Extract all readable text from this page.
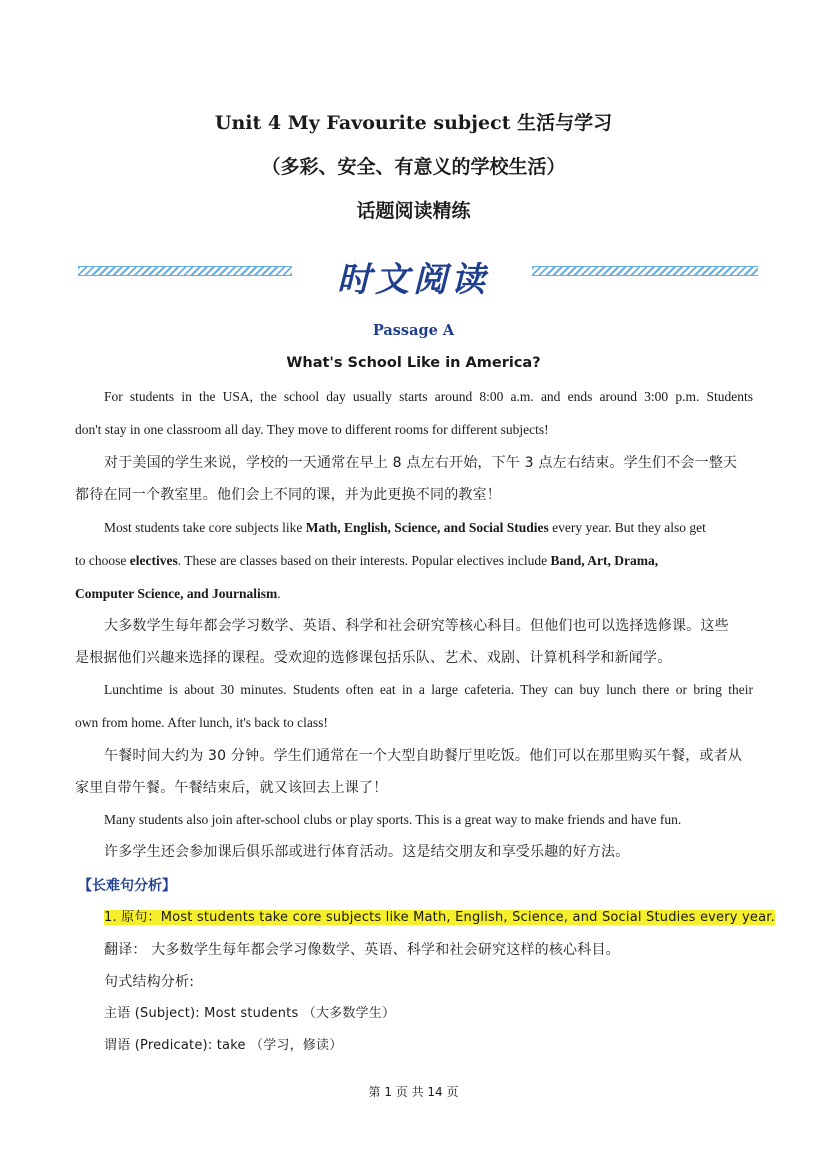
Unit 4 My Favourite subject 生活与学习
（多彩、安全、有意义的学校生活）
话题阅读精练
时文阅读
Passage A
What's School Like in America?
For students in the USA, the school day usually starts around 8:00 a.m. and ends around 3:00 p.m. Students
don't stay in one classroom all day. They move to different rooms for different subjects!
对于美国的学生来说，学校的一天通常在早上 8 点左右开始，下午 3 点左右结束。学生们不会一整天
都待在同一个教室里。他们会上不同的课，并为此更换不同的教室！
Most students take core subjects like Math, English, Science, and Social Studies every year. But they also get
to choose electives. These are classes based on their interests. Popular electives include Band, Art, Drama,
Computer Science, and Journalism.
大多数学生每年都会学习数学、英语、科学和社会研究等核心科目。但他们也可以选择选修课。这些
是根据他们兴趣来选择的课程。受欢迎的选修课包括乐队、艺术、戏剧、计算机科学和新闻学。
Lunchtime is about 30 minutes. Students often eat in a large cafeteria. They can buy lunch there or bring their
own from home. After lunch, it's back to class!
午餐时间大约为 30 分钟。学生们通常在一个大型自助餐厅里吃饭。他们可以在那里购买午餐，或者从
家里自带午餐。午餐结束后，就又该回去上课了！
Many students also join after-school clubs or play sports. This is a great way to make friends and have fun.
许多学生还会参加课后俱乐部或进行体育活动。这是结交朋友和享受乐趣的好方法。
【长难句分析】
1. 原句：Most students take core subjects like Math, English, Science, and Social Studies every year.
翻译： 大多数学生每年都会学习像数学、英语、科学和社会研究这样的核心科目。
句式结构分析:
主语 (Subject): Most students （大多数学生）
谓语 (Predicate): take （学习，修读）
第 1 页 共 14 页
